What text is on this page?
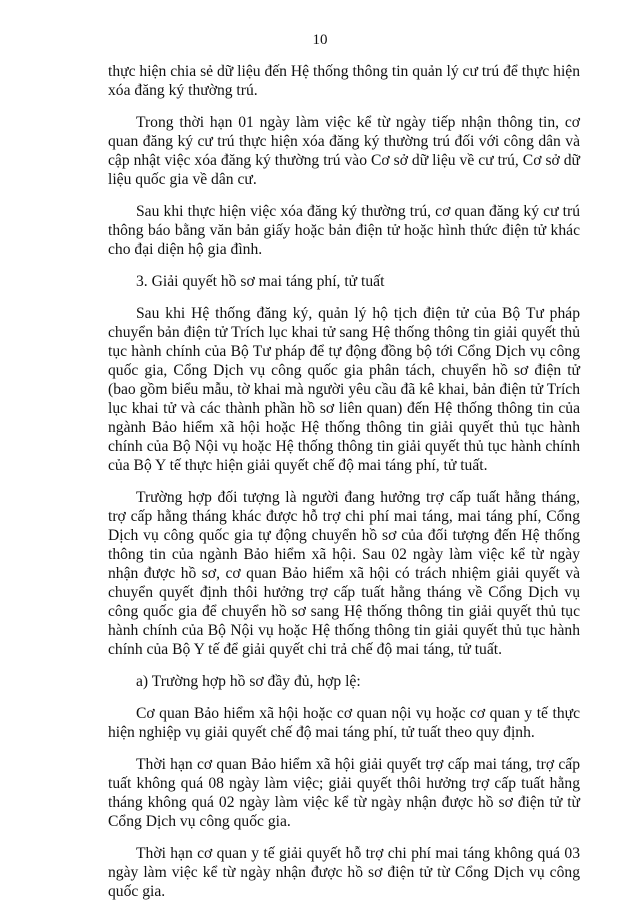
10

thực hiện chia sẻ dữ liệu đến Hệ thống thông tin quản lý cư trú để thực hiện xóa đăng ký thường trú.

Trong thời hạn 01 ngày làm việc kể từ ngày tiếp nhận thông tin, cơ quan đăng ký cư trú thực hiện xóa đăng ký thường trú đối với công dân và cập nhật việc xóa đăng ký thường trú vào Cơ sở dữ liệu về cư trú, Cơ sở dữ liệu quốc gia về dân cư.

Sau khi thực hiện việc xóa đăng ký thường trú, cơ quan đăng ký cư trú thông báo bằng văn bản giấy hoặc bản điện tử hoặc hình thức điện tử khác cho đại diện hộ gia đình.

3. Giải quyết hồ sơ mai táng phí, tử tuất

Sau khi Hệ thống đăng ký, quản lý hộ tịch điện tử của Bộ Tư pháp chuyển bản điện tử Trích lục khai tử sang Hệ thống thông tin giải quyết thủ tục hành chính của Bộ Tư pháp để tự động đồng bộ tới Cổng Dịch vụ công quốc gia, Cổng Dịch vụ công quốc gia phân tách, chuyển hồ sơ điện tử (bao gồm biểu mẫu, tờ khai mà người yêu cầu đã kê khai, bản điện tử Trích lục khai tử và các thành phần hồ sơ liên quan) đến Hệ thống thông tin của ngành Bảo hiểm xã hội hoặc Hệ thống thông tin giải quyết thủ tục hành chính của Bộ Nội vụ hoặc Hệ thống thông tin giải quyết thủ tục hành chính của Bộ Y tế thực hiện giải quyết chế độ mai táng phí, tử tuất.

Trường hợp đối tượng là người đang hưởng trợ cấp tuất hằng tháng, trợ cấp hằng tháng khác được hỗ trợ chi phí mai táng, mai táng phí, Cổng Dịch vụ công quốc gia tự động chuyển hồ sơ của đối tượng đến Hệ thống thông tin của ngành Bảo hiểm xã hội. Sau 02 ngày làm việc kể từ ngày nhận được hồ sơ, cơ quan Bảo hiểm xã hội có trách nhiệm giải quyết và chuyển quyết định thôi hưởng trợ cấp tuất hằng tháng về Cổng Dịch vụ công quốc gia để chuyển hồ sơ sang Hệ thống thông tin giải quyết thủ tục hành chính của Bộ Nội vụ hoặc Hệ thống thông tin giải quyết thủ tục hành chính của Bộ Y tế để giải quyết chi trả chế độ mai táng, tử tuất.

a) Trường hợp hồ sơ đầy đủ, hợp lệ:

Cơ quan Bảo hiểm xã hội hoặc cơ quan nội vụ hoặc cơ quan y tế thực hiện nghiệp vụ giải quyết chế độ mai táng phí, tử tuất theo quy định.

Thời hạn cơ quan Bảo hiểm xã hội giải quyết trợ cấp mai táng, trợ cấp tuất không quá 08 ngày làm việc; giải quyết thôi hưởng trợ cấp tuất hằng tháng không quá 02 ngày làm việc kể từ ngày nhận được hồ sơ điện tử từ Cổng Dịch vụ công quốc gia.

Thời hạn cơ quan y tế giải quyết hỗ trợ chi phí mai táng không quá 03 ngày làm việc kể từ ngày nhận được hồ sơ điện tử từ Cổng Dịch vụ công quốc gia.
